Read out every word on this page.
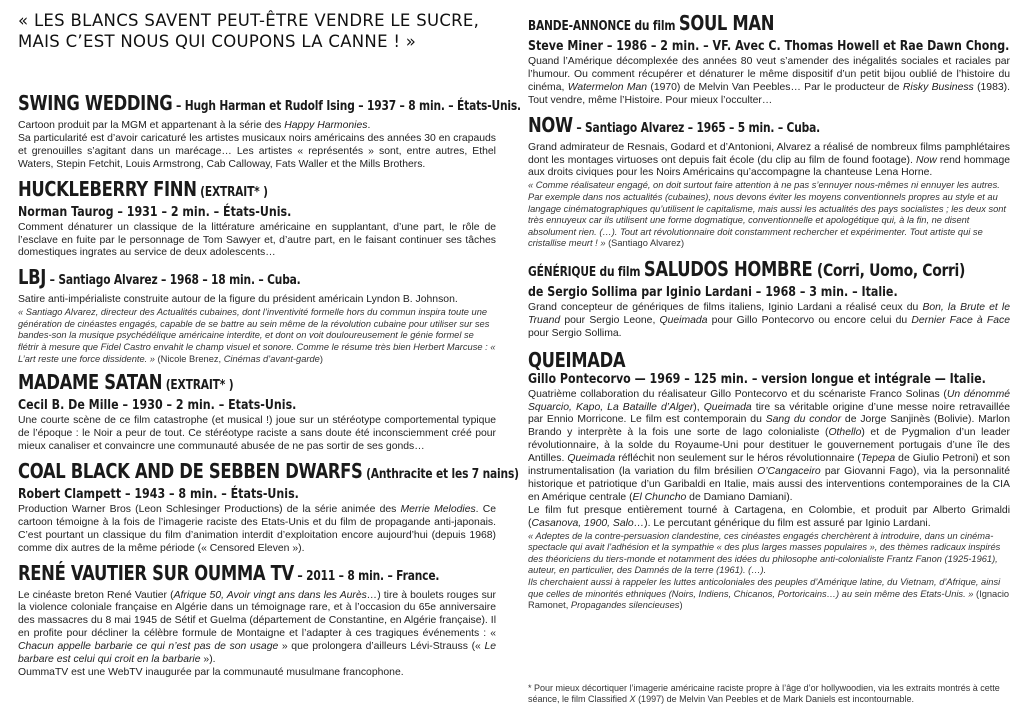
« LES BLANCS SAVENT PEUT-ÊTRE VENDRE LE SUCRE,
MAIS C’EST NOUS QUI COUPONS LA CANNE ! »
SWING WEDDING – Hugh Harman et Rudolf Ising – 1937 – 8 min. – États-Unis.

Cartoon produit par la MGM et appartenant à la série des Happy Harmonies.
Sa particularité est d’avoir caricaturé les artistes musicaux noirs américains des années 30 en crapauds et grenouilles s’agitant dans un marécage… Les artistes « représentés » sont, entre autres, Ethel Waters, Stepin Fetchit, Louis Armstrong, Cab Calloway, Fats Waller et the Mills Brothers.

HUCKLEBERRY FINN (EXTRAIT* )
Norman Taurog – 1931 – 2 min. – États-Unis.

Comment dénaturer un classique de la littérature américaine en supplantant, d’une part, le rôle de l’esclave en fuite par le personnage de Tom Sawyer et, d’autre part, en le faisant continuer ses tâches domestiques ingrates au service de deux adolescents…

LBJ – Santiago Alvarez – 1968 – 18 min. – Cuba.

Satire anti-impérialiste construite autour de la figure du président américain Lyndon B. Johnson.

« Santiago Alvarez, directeur des Actualités cubaines, dont l’inventivité formelle hors du commun inspira toute une génération de cinéastes engagés, capable de se battre au sein même de la révolution cubaine pour utiliser sur ses bandes-son la musique psychédélique américaine interdite, et dont on voit douloureusement le génie formel se flétrir à mesure que Fidel Castro envahit le champ visuel et sonore. Comme le résume très bien Herbert Marcuse : « L’art reste une force dissidente. » (Nicole Brenez, Cinémas d’avant-garde)

MADAME SATAN (EXTRAIT* )
Cecil B. De Mille – 1930 – 2 min. – Etats-Unis.

Une courte scène de ce film catastrophe (et musical !) joue sur un stéréotype comportemental typique de l’époque : le Noir a peur de tout. Ce stéréotype raciste a sans doute été inconsciemment créé pour mieux canaliser et convaincre une communauté abusée de ne pas sortir de ses gonds…

COAL BLACK AND DE SEBBEN DWARFS (Anthracite et les 7 nains)
Robert Clampett – 1943 – 8 min. – États-Unis.

Production Warner Bros (Leon Schlesinger Productions) de la série animée des Merrie Melodies. Ce cartoon témoigne à la fois de l’imagerie raciste des Etats-Unis et du film de propagande anti-japonais. C’est pourtant un classique du film d’animation interdit d’exploitation encore aujourd’hui (depuis 1968) comme dix autres de la même période (« Censored Eleven »).

RENÉ VAUTIER SUR OUMMA TV – 2011 – 8 min. – France.

Le cinéaste breton René Vautier (Afrique 50, Avoir vingt ans dans les Aurès…) tire à boulets rouges sur la violence coloniale française en Algérie dans un témoignage rare, et à l’occasion du 65e anniversaire des massacres du 8 mai 1945 de Sétif et Guelma (département de Constantine, en Algérie française). Il en profite pour décliner la célèbre formule de Montaigne et l’adapter à ces tragiques événements : « Chacun appelle barbarie ce qui n’est pas de son usage » que prolongera d’ailleurs Lévi-Strauss (« Le barbare est celui qui croit en la barbarie »).
OummaTV est une WebTV inaugurée par la communauté musulmane francophone.

BANDE-ANNONCE du film SOUL MAN
Steve Miner – 1986 – 2 min. – VF. Avec C. Thomas Howell et Rae Dawn Chong.

Quand l’Amérique décomplexée des années 80 veut s’amender des inégalités sociales et raciales par l’humour. Ou comment récupérer et dénaturer le même dispositif d’un petit bijou oublié de l’histoire du cinéma, Watermelon Man (1970) de Melvin Van Peebles… Par le producteur de Risky Business (1983). Tout vendre, même l’Histoire. Pour mieux l’occulter…

NOW – Santiago Alvarez – 1965 – 5 min. – Cuba.

Grand admirateur de Resnais, Godard et d’Antonioni, Alvarez a réalisé de nombreux films pamphlétaires dont les montages virtuoses ont depuis fait école (du clip au film de found footage). Now rend hommage aux droits civiques pour les Noirs Américains qu’accompagne la chanteuse Lena Horne.

« Comme réalisateur engagé, on doit surtout faire attention à ne pas s’ennuyer nous-mêmes ni ennuyer les autres. Par exemple dans nos actualités (cubaines), nous devons éviter les moyens conventionnels propres au style et au langage cinématographiques qu’utilisent le capitalisme, mais aussi les actualités des pays socialistes ; les deux sont très ennuyeux car ils utilisent une forme dogmatique, conventionnelle et apologétique qui, à la fin, ne disent absolument rien. (…). Tout art révolutionnaire doit constamment rechercher et expérimenter. Tout artiste qui se cristallise meurt ! » (Santiago Alvarez)

GÉNÉRIQUE du film SALUDOS HOMBRE (Corri, Uomo, Corri)
de Sergio Sollima par Iginio Lardani – 1968 – 3 min. – Italie.

Grand concepteur de génériques de films italiens, Iginio Lardani a réalisé ceux du Bon, la Brute et le Truand pour Sergio Leone, Queimada pour Gillo Pontecorvo ou encore celui du Dernier Face à Face pour Sergio Sollima.

QUEIMADA
Gillo Pontecorvo — 1969 – 125 min. – version longue et intégrale — Italie.

Quatrième collaboration du réalisateur Gillo Pontecorvo et du scénariste Franco Solinas (Un dénommé Squarcio, Kapo, La Bataille d’Alger), Queimada tire sa véritable origine d’une messe noire retravaillée par Ennio Morricone. Le film est contemporain du Sang du condor de Jorge Sanjinès (Bolivie). Marlon Brando y interprète à la fois une sorte de lago colonialiste (Othello) et de Pygmalion d’un leader révolutionnaire, à la solde du Royaume-Uni pour destituer le gouvernement portugais d’une île des Antilles. Queimada réfléchit non seulement sur le héros révolutionnaire (Tepepa de Giulio Petroni) et son instrumentalisation (la variation du film brésilien O’Cangaceiro par Giovanni Fago), via la personnalité historique et patriotique d’un Garibaldi en Italie, mais aussi des interventions contemporaines de la CIA en Amérique centrale (El Chuncho de Damiano Damiani).
Le film fut presque entièrement tourné à Cartagena, en Colombie, et produit par Alberto Grimaldi (Casanova, 1900, Salo…). Le percutant générique du film est assuré par Iginio Lardani.

« Adeptes de la contre-persuasion clandestine, ces cinéastes engagés cherchèrent à introduire, dans un cinéma-spectacle qui avait l’adhésion et la sympathie « des plus larges masses populaires », des thèmes radicaux inspirés des théoriciens du tiers-monde et notamment des idées du philosophe anti-colonialiste Frantz Fanon (1925-1961), auteur, en particulier, des Damnés de la terre (1961). (…).
Ils cherchaient aussi à rappeler les luttes anticoloniales des peuples d’Amérique latine, du Vietnam, d’Afrique, ainsi que celles de minorités ethniques (Noirs, Indiens, Chicanos, Portoricains…) au sein même des Etats-Unis. » (Ignacio Ramonet, Propagandes silencieuses)

* Pour mieux décortiquer l’imagerie américaine raciste propre à l’âge d’or hollywoodien, via les extraits montrés à cette séance, le film Classified X (1997) de Melvin Van Peebles et de Mark Daniels est incontournable.
